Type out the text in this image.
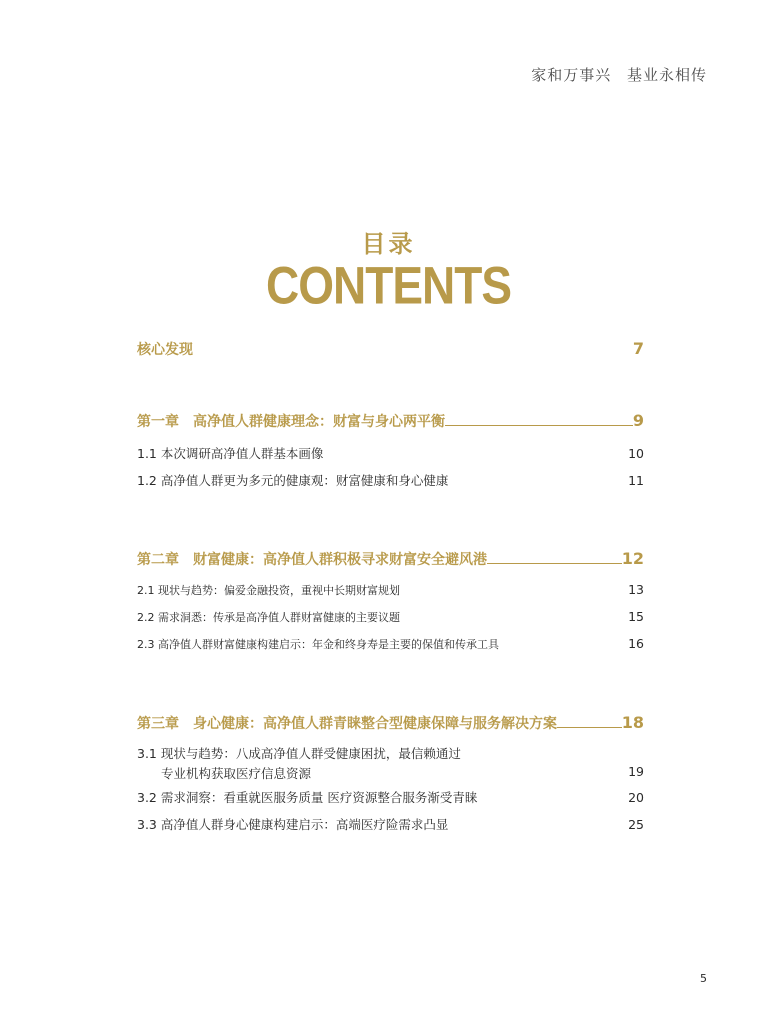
家和万事兴 基业永相传
目录
CONTENTS
核心发现	7
第一章 高净值人群健康理念：财富与身心两平衡	9
1.1 本次调研高净值人群基本画像	10
1.2 高净值人群更为多元的健康观：财富健康和身心健康	11
第二章 财富健康：高净值人群积极寻求财富安全避风港	12
2.1 现状与趋势：偏爱金融投资，重视中长期财富规划	13
2.2 需求洞悉：传承是高净值人群财富健康的主要议题	15
2.3 高净值人群财富健康构建启示：年金和终身寿是主要的保值和传承工具	16
第三章 身心健康：高净值人群青睐整合型健康保障与服务解决方案	18
3.1 现状与趋势：八成高净值人群受健康困扰，最信赖通过
专业机构获取医疗信息资源	19
3.2 需求洞察：看重就医服务质量 医疗资源整合服务渐受青睐	20
3.3 高净值人群身心健康构建启示：高端医疗险需求凸显	25
5
